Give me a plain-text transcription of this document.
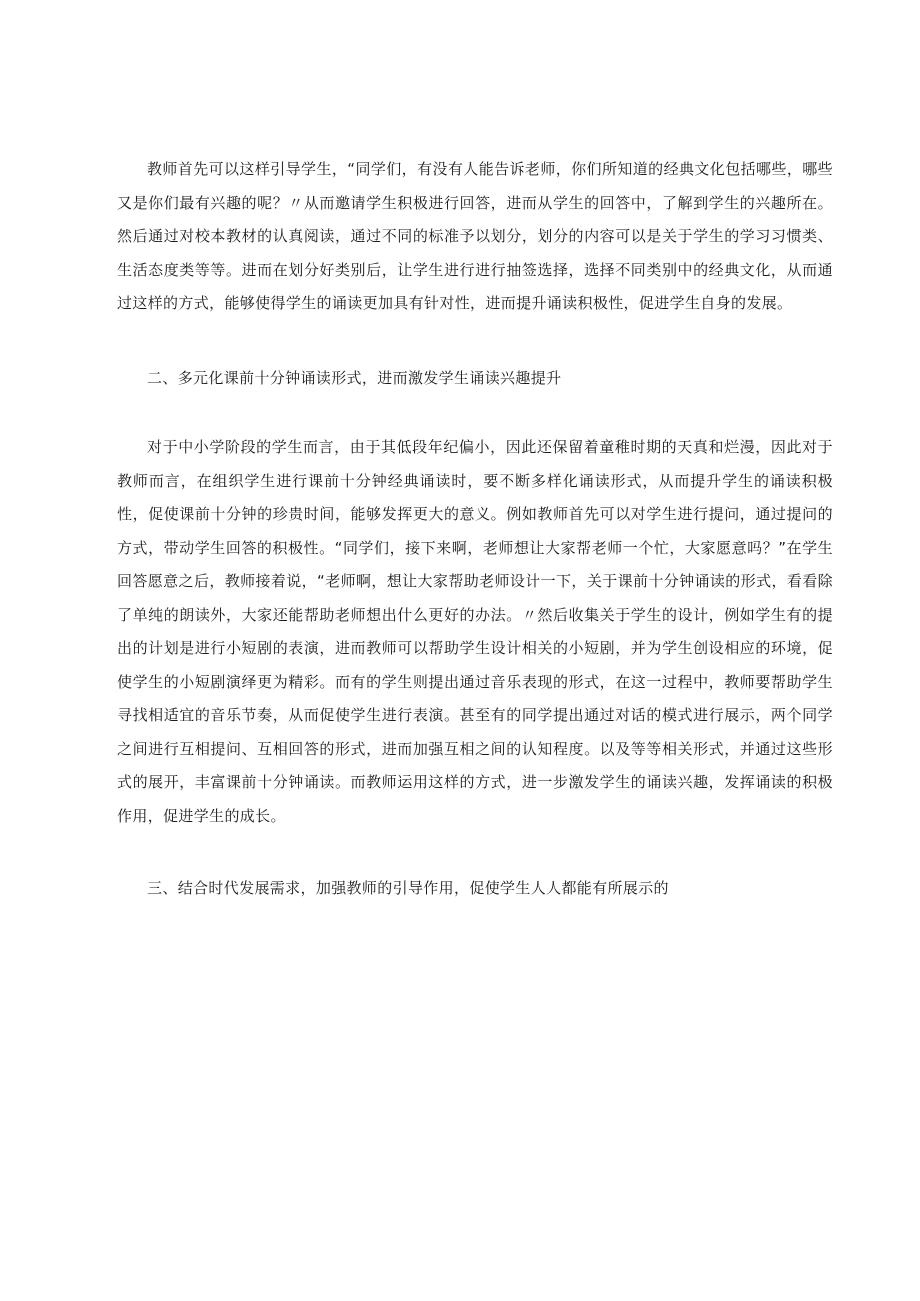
教师首先可以这样引导学生，“同学们，有没有人能告诉老师，你们所知道的经典文化包括哪些，哪些又是你们最有兴趣的呢？〃从而邀请学生积极进行回答，进而从学生的回答中，了解到学生的兴趣所在。然后通过对校本教材的认真阅读，通过不同的标准予以划分，划分的内容可以是关于学生的学习习惯类、生活态度类等等。进而在划分好类别后，让学生进行进行抽签选择，选择不同类别中的经典文化，从而通过这样的方式，能够使得学生的诵读更加具有针对性，进而提升诵读积极性，促进学生自身的发展。

二、多元化课前十分钟诵读形式，进而激发学生诵读兴趣提升

对于中小学阶段的学生而言，由于其低段年纪偏小，因此还保留着童稚时期的天真和烂漫，因此对于教师而言，在组织学生进行课前十分钟经典诵读时，要不断多样化诵读形式，从而提升学生的诵读积极性，促使课前十分钟的珍贵时间，能够发挥更大的意义。例如教师首先可以对学生进行提问，通过提问的方式，带动学生回答的积极性。“同学们，接下来啊，老师想让大家帮老师一个忙，大家愿意吗？”在学生回答愿意之后，教师接着说，“老师啊，想让大家帮助老师设计一下，关于课前十分钟诵读的形式，看看除了单纯的朗读外，大家还能帮助老师想出什么更好的办法。〃然后收集关于学生的设计，例如学生有的提出的计划是进行小短剧的表演，进而教师可以帮助学生设计相关的小短剧，并为学生创设相应的环境，促使学生的小短剧演绎更为精彩。而有的学生则提出通过音乐表现的形式，在这一过程中，教师要帮助学生寻找相适宜的音乐节奏，从而促使学生进行表演。甚至有的同学提出通过对话的模式进行展示，两个同学之间进行互相提问、互相回答的形式，进而加强互相之间的认知程度。以及等等相关形式，并通过这些形式的展开，丰富课前十分钟诵读。而教师运用这样的方式，进一步激发学生的诵读兴趣，发挥诵读的积极作用，促进学生的成长。

三、结合时代发展需求，加强教师的引导作用，促使学生人人都能有所展示的
